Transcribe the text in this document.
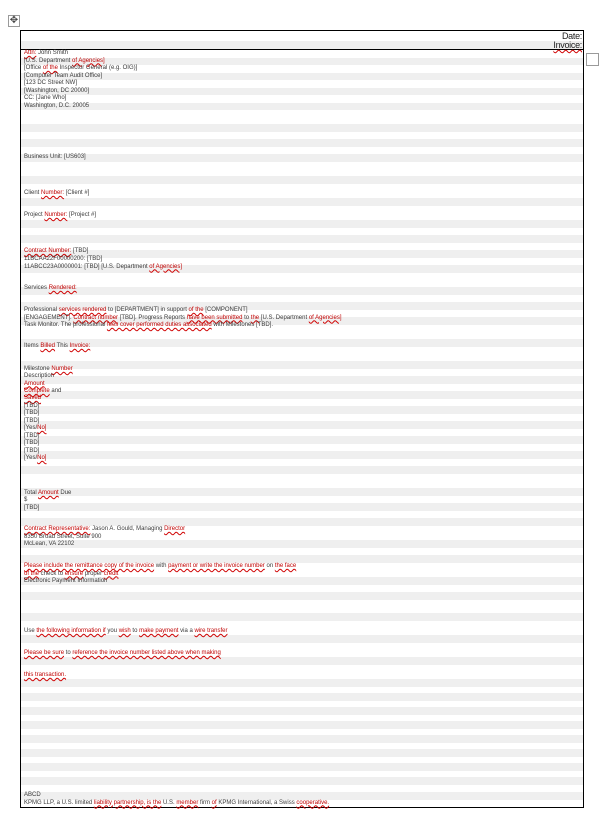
✥
Date:
Invoice:
Attn: John Smith
[U.S. Department of Agencies]
[Office of the Inspector General (e.g. OIG)]
[Computer Team Audit Office]
[123 DC Street NW]
[Washington, DC 20000]
CC: [Jane Who]
Washington, D.C. 20005
Business Unit: [US603]
Client Number: [Client #]
Project Number: [Project #]
Contract Number: [TBD]
11BCAA22F00000200: [TBD]
11ABCC23A0000001: [TBD] [U.S. Department of Agencies]
Services Rendered:
Professional services rendered to [DEPARTMENT] in support of the [COMPONENT]
[ENGAGEMENT]. Contract number [TBD]. Progress Reports have been submitted to the [U.S. Department of Agencies]
Task Monitor. The professional fees cover performed duties associated with Milestones [TBD].
Items Billed This Invoice:
Milestone Number
Description
Amount
Complete and
Saved
[TBD]
[TBD]
[TBD]
[Yes/No]
[TBD]
[TBD]
[TBD]
[Yes/No]
Total Amount Due
$
[TBD]
Contract Representative: Jason A. Gould, Managing Director
8350 Broad Street, Suite 900
McLean, VA 22102
Please include the remittance copy of the invoice with payment or write the invoice number on the face
of the check to ensure proper credit
Electronic Payment Information
Use the following information if you wish to make payment via a wire transfer
Please be sure to reference the invoice number listed above when making
this transaction.
ABCD
KPMG LLP, a U.S. limited liability partnership, is the U.S. member firm of KPMG International, a Swiss cooperative.
